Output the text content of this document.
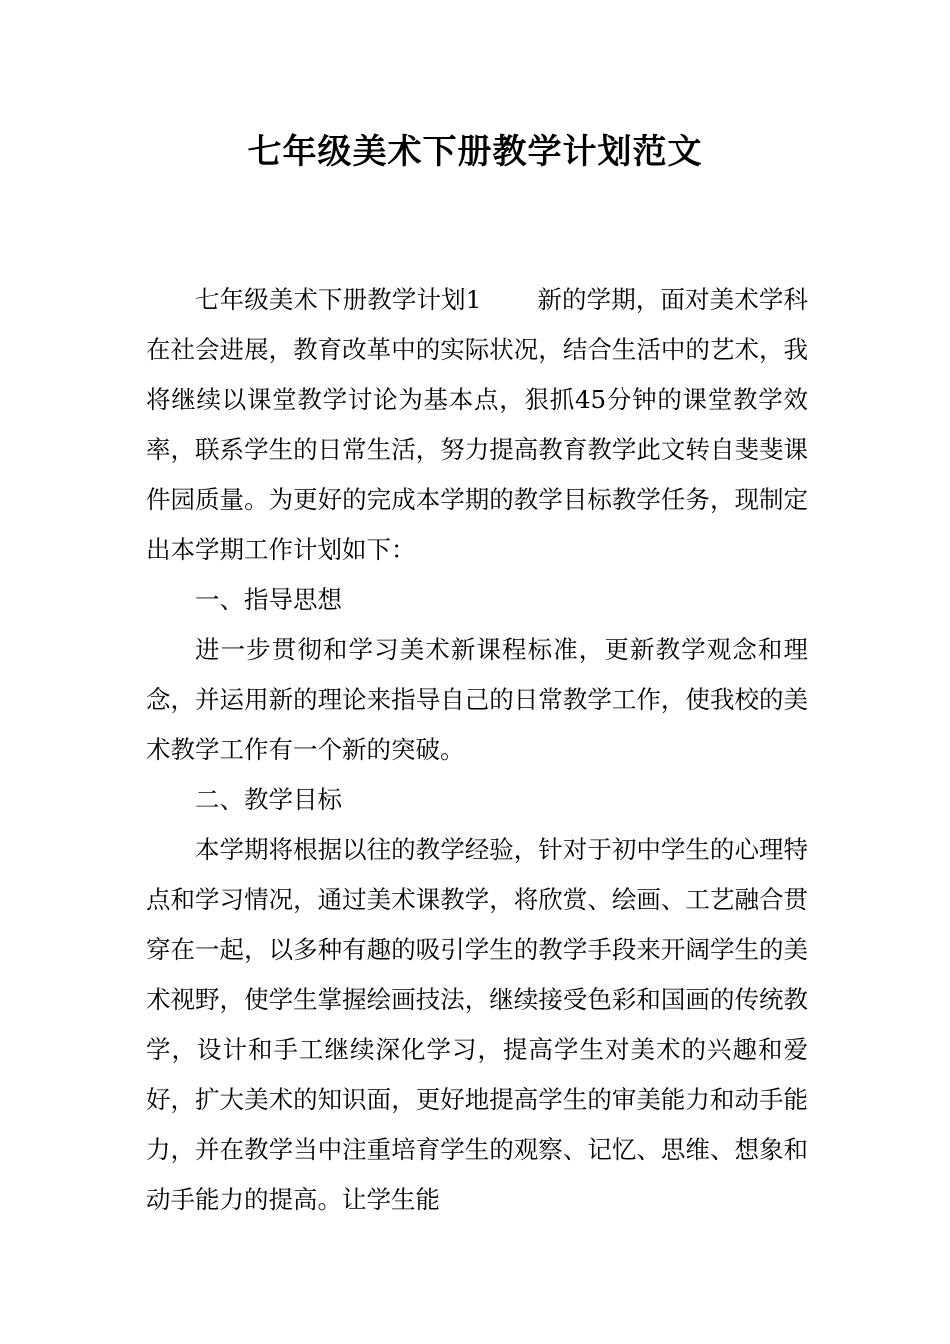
七年级美术下册教学计划范文

七年级美术下册教学计划1 新的学期，面对美术学科在社会进展，教育改革中的实际状况，结合生活中的艺术，我将继续以课堂教学讨论为基本点，狠抓45分钟的课堂教学效率，联系学生的日常生活，努力提高教育教学此文转自斐斐课件园质量。为更好的完成本学期的教学目标教学任务，现制定出本学期工作计划如下：

一、指导思想

进一步贯彻和学习美术新课程标准，更新教学观念和理念，并运用新的理论来指导自己的日常教学工作，使我校的美术教学工作有一个新的突破。

二、教学目标

本学期将根据以往的教学经验，针对于初中学生的心理特点和学习情况，通过美术课教学，将欣赏、绘画、工艺融合贯穿在一起，以多种有趣的吸引学生的教学手段来开阔学生的美术视野，使学生掌握绘画技法，继续接受色彩和国画的传统教学，设计和手工继续深化学习，提高学生对美术的兴趣和爱好，扩大美术的知识面，更好地提高学生的审美能力和动手能力，并在教学当中注重培育学生的观察、记忆、思维、想象和动手能力的提高。让学生能
